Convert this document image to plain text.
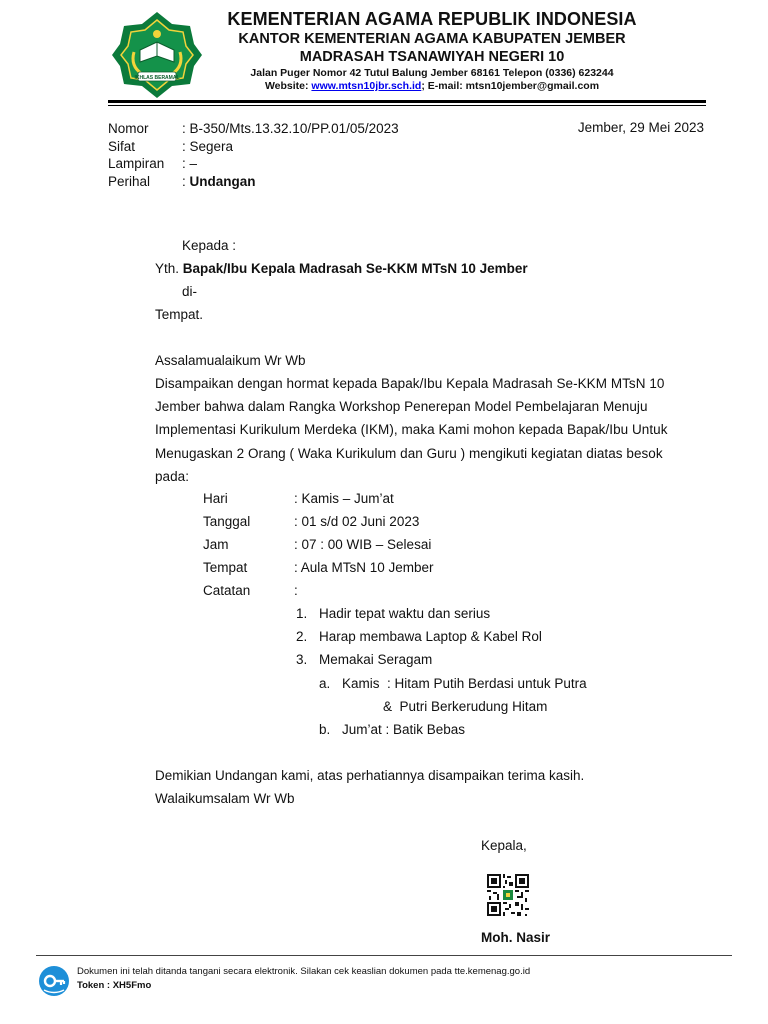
IKHLAS BERAMAL
KEMENTERIAN AGAMA REPUBLIK INDONESIA
KANTOR KEMENTERIAN AGAMA KABUPATEN JEMBER
MADRASAH TSANAWIYAH NEGERI 10
Jalan Puger Nomor 42 Tutul Balung Jember 68161 Telepon (0336) 623244
Website: www.mtsn10jbr.sch.id; E-mail: mtsn10jember@gmail.com
Nomor : B-350/Mts.13.32.10/PP.01/05/2023
Sifat	: Segera
Lampiran : –
Perihal : Undangan
Jember, 29 Mei 2023
Kepada :
Yth. Bapak/Ibu Kepala Madrasah Se-KKM MTsN 10 Jember
di-
Tempat.
Assalamualaikum Wr Wb
Disampaikan dengan hormat kepada Bapak/Ibu Kepala Madrasah Se-KKM MTsN 10
Jember bahwa dalam Rangka Workshop Penerepan Model Pembelajaran Menuju
Implementasi Kurikulum Merdeka (IKM), maka Kami mohon kepada Bapak/Ibu Untuk
Menugaskan 2 Orang ( Waka Kurikulum dan Guru ) mengikuti kegiatan diatas besok
pada:
Hari	: Kamis – Jum’at
Tanggal	: 01 s/d 02 Juni 2023
Jam	: 07 : 00 WIB – Selesai
Tempat	: Aula MTsN 10 Jember
Catatan	:
1. Hadir tepat waktu dan serius
2. Harap membawa Laptop & Kabel Rol
3. Memakai Seragam
a. Kamis  : Hitam Putih Berdasi untuk Putra
&  Putri Berkerudung Hitam
b. Jum’at : Batik Bebas
Demikian Undangan kami, atas perhatiannya disampaikan terima kasih.
Walaikumsalam Wr Wb
Kepala,
Moh. Nasir
Dokumen ini telah ditanda tangani secara elektronik. Silakan cek keaslian dokumen pada tte.kemenag.go.id
Token : XH5Fmo
